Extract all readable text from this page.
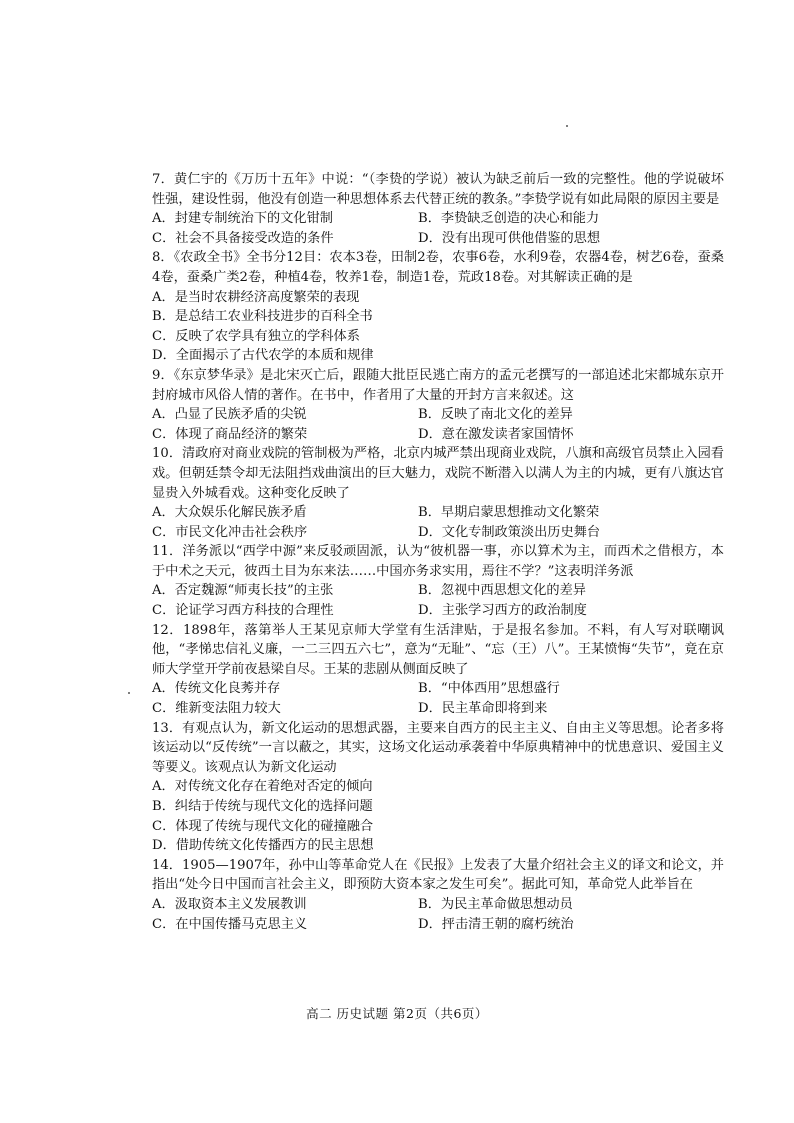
7．黄仁宇的《万历十五年》中说：“（李贽的学说）被认为缺乏前后一致的完整性。他的学说破坏性强，建设性弱，他没有创造一种思想体系去代替正统的教条。”李贽学说有如此局限的原因主要是
A．封建专制统治下的文化钳制	B．李贽缺乏创造的决心和能力
C．社会不具备接受改造的条件	D．没有出现可供他借鉴的思想
8．《农政全书》全书分12目：农本3卷，田制2卷，农事6卷，水利9卷，农器4卷，树艺6卷，蚕桑4卷，蚕桑广类2卷，种植4卷，牧养1卷，制造1卷，荒政18卷。对其解读正确的是
A．是当时农耕经济高度繁荣的表现
B．是总结工农业科技进步的百科全书
C．反映了农学具有独立的学科体系
D．全面揭示了古代农学的本质和规律
9．《东京梦华录》是北宋灭亡后，跟随大批臣民逃亡南方的孟元老撰写的一部追述北宋都城东京开封府城市风俗人情的著作。在书中，作者用了大量的开封方言来叙述。这
A．凸显了民族矛盾的尖锐	B．反映了南北文化的差异
C．体现了商品经济的繁荣	D．意在激发读者家国情怀
10．清政府对商业戏院的管制极为严格，北京内城严禁出现商业戏院，八旗和高级官员禁止入园看戏。但朝廷禁令却无法阻挡戏曲演出的巨大魅力，戏院不断潜入以满人为主的内城，更有八旗达官显贵入外城看戏。这种变化反映了
A．大众娱乐化解民族矛盾	B．早期启蒙思想推动文化繁荣
C．市民文化冲击社会秩序	D．文化专制政策淡出历史舞台
11．洋务派以“西学中源”来反驳顽固派，认为“彼机器一事，亦以算术为主，而西术之借根方，本于中术之天元，彼西土目为东来法……中国亦务求实用，焉往不学？”这表明洋务派
A．否定魏源“师夷长技”的主张	B．忽视中西思想文化的差异
C．论证学习西方科技的合理性	D．主张学习西方的政治制度
12．1898年，落第举人王某见京师大学堂有生活津贴，于是报名参加。不料，有人写对联嘲讽他，“孝悌忠信礼义廉，一二三四五六七”，意为“无耻”、“忘（王）八”。王某愤悔“失节”，竟在京师大学堂开学前夜悬梁自尽。王某的悲剧从侧面反映了
A．传统文化良莠并存	B．“中体西用”思想盛行
C．维新变法阻力较大	D．民主革命即将到来
13．有观点认为，新文化运动的思想武器，主要来自西方的民主主义、自由主义等思想。论者多将该运动以“反传统”一言以蔽之，其实，这场文化运动承袭着中华原典精神中的忧患意识、爱国主义等要义。该观点认为新文化运动
A．对传统文化存在着绝对否定的倾向
B．纠结于传统与现代文化的选择问题
C．体现了传统与现代文化的碰撞融合
D．借助传统文化传播西方的民主思想
14．1905—1907年，孙中山等革命党人在《民报》上发表了大量介绍社会主义的译文和论文，并指出“处今日中国而言社会主义，即预防大资本家之发生可矣”。据此可知，革命党人此举旨在
A．汲取资本主义发展教训	B．为民主革命做思想动员
C．在中国传播马克思主义	D．抨击清王朝的腐朽统治
高二 历史试题 第2页（共6页）
